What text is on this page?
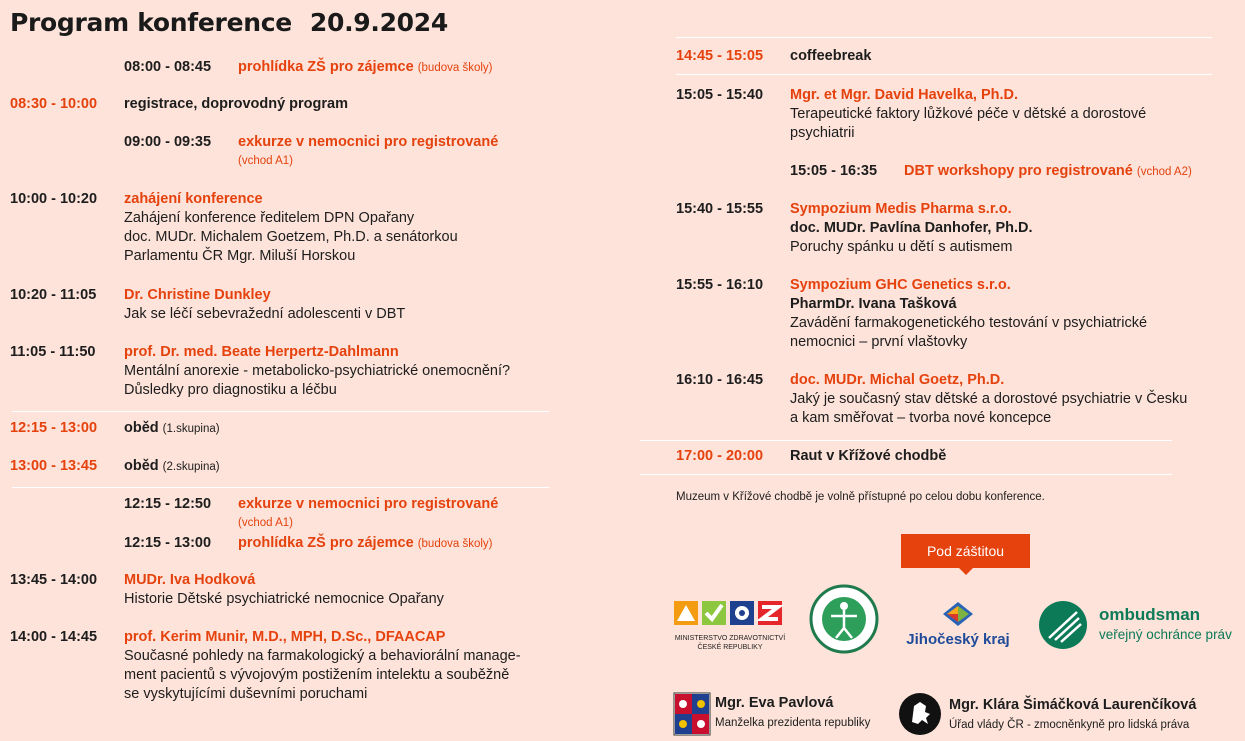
Program konference 20.9.2024
08:00 - 08:45 prohlídka ZŠ pro zájemce (budova školy)
08:30 - 10:00 registrace, doprovodný program
09:00 - 09:35 exkurze v nemocnici pro registrované
(vchod A1)
10:00 - 10:20 zahájení konference
Zahájení konference ředitelem DPN Opařany
doc. MUDr. Michalem Goetzem, Ph.D. a senátorkou
Parlamentu ČR Mgr. Miluší Horskou
10:20 - 11:05 Dr. Christine Dunkley
Jak se léčí sebevražední adolescenti v DBT
11:05 - 11:50 prof. Dr. med. Beate Herpertz-Dahlmann
Mentální anorexie - metabolicko-psychiatrické onemocnění?
Důsledky pro diagnostiku a léčbu
12:15 - 13:00 oběd (1.skupina)
13:00 - 13:45 oběd (2.skupina)
12:15 - 12:50 exkurze v nemocnici pro registrované
(vchod A1)
12:15 - 13:00 prohlídka ZŠ pro zájemce (budova školy)
13:45 - 14:00 MUDr. Iva Hodková
Historie Dětské psychiatrické nemocnice Opařany
14:00 - 14:45 prof. Kerim Munir, M.D., MPH, D.Sc., DFAACAP
Současné pohledy na farmakologický a behaviorální manage-
ment pacientů s vývojovým postižením intelektu a souběžně
se vyskytujícími duševními poruchami
14:45 - 15:05 coffeebreak
15:05 - 15:40 Mgr. et Mgr. David Havelka, Ph.D.
Terapeutické faktory lůžkové péče v dětské a dorostové
psychiatrii
15:05 - 16:35 DBT workshopy pro registrované (vchod A2)
15:40 - 15:55 Sympozium Medis Pharma s.r.o.
doc. MUDr. Pavlína Danhofer, Ph.D.
Poruchy spánku u dětí s autismem
15:55 - 16:10 Sympozium GHC Genetics s.r.o.
PharmDr. Ivana Tašková
Zavádění farmakogenetického testování v psychiatrické
nemocnici – první vlaštovky
16:10 - 16:45 doc. MUDr. Michal Goetz, Ph.D.
Jaký je současný stav dětské a dorostové psychiatrie v Česku
a kam směřovat – tvorba nové koncepce
17:00 - 20:00 Raut v Křížové chodbě
Muzeum v Křížové chodbě je volně přístupné po celou dobu konference.
Pod záštitou
MINISTERSTVO ZDRAVOTNICTVÍ
ČESKÉ REPUBLIKY	Jihočeský kraj
ombudsman
veřejný ochránce práv
Mgr. Eva Pavlová
Manželka prezidenta republiky
Mgr. Klára Šimáčková Laurenčíková
Úřad vlády ČR - zmocněnkyně pro lidská práva
